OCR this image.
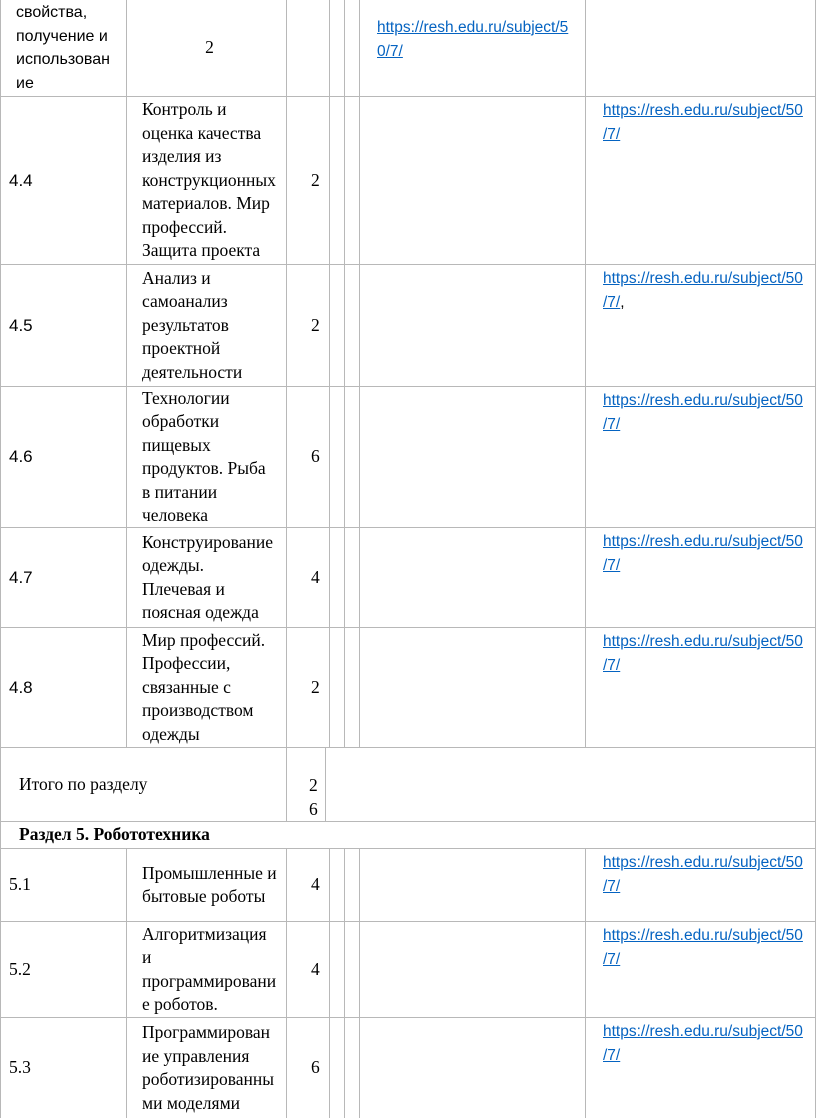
свойства,
получение и
использован
ие
2
https://resh.edu.ru/subject/5
0/7/
4.4
Контроль и
оценка качества
изделия из
конструкционных
материалов. Мир
профессий.
Защита проекта
2
https://resh.edu.ru/subject/50
/7/
4.5
Анализ и
самоанализ
результатов
проектной
деятельности
2
https://resh.edu.ru/subject/50
/7/,
4.6
Технологии
обработки
пищевых
продуктов. Рыба
в питании
человека
6
https://resh.edu.ru/subject/50
/7/
4.7
Конструирование
одежды.
Плечевая и
поясная одежда
4
https://resh.edu.ru/subject/50
/7/
4.8
Мир профессий.
Профессии,
связанные с
производством
одежды
2
https://resh.edu.ru/subject/50
/7/
Итого по разделу	26
Раздел 5. Робототехника
5.1
Промышленные и
бытовые роботы
4
https://resh.edu.ru/subject/50
/7/
5.2
Алгоритмизация
и
программировани
е роботов.
4
https://resh.edu.ru/subject/50
/7/
5.3
Программирован
ие управления
роботизированны
ми моделями
6
https://resh.edu.ru/subject/50
/7/
